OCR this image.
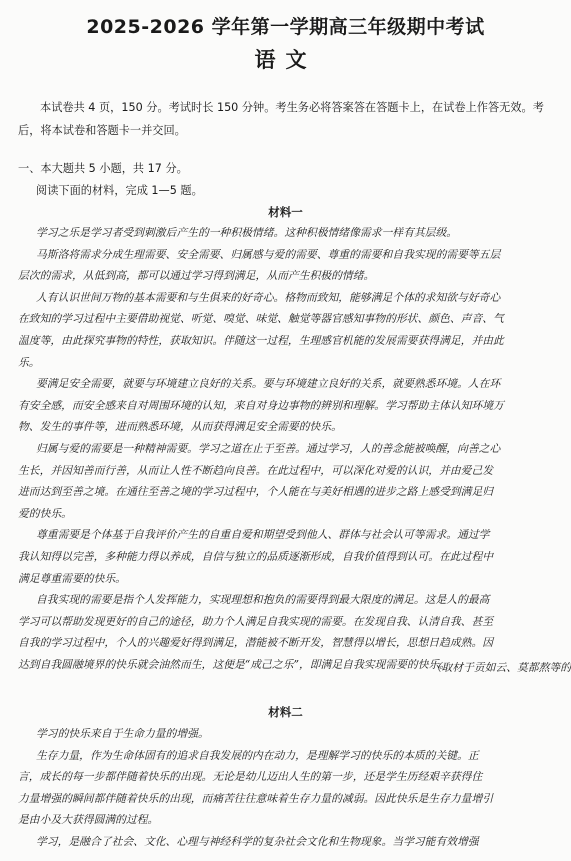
2025-2026 学年第一学期高三年级期中考试
语文

本试卷共 4 页，150 分。考试时长 150 分钟。考生务必将答案答在答题卡上，在试卷上作答无效。考
后，将本试卷和答题卡一并交回。

一、本大题共 5 小题，共 17 分。

阅读下面的材料，完成 1—5 题。

材料一

学习之乐是学习者受到刺激后产生的一种积极情绪。这种积极情绪像需求一样有其层级。
马斯洛将需求分成生理需要、安全需要、归属感与爱的需要、尊重的需要和自我实现的需要等五层
层次的需求，从低到高，都可以通过学习得到满足，从而产生积极的情绪。
人有认识世间万物的基本需要和与生俱来的好奇心。格物而致知，能够满足个体的求知欲与好奇心
在致知的学习过程中主要借助视觉、听觉、嗅觉、味觉、触觉等器官感知事物的形状、颜色、声音、气
温度等，由此探究事物的特性，获取知识。伴随这一过程，生理感官机能的发展需要获得满足，并由此
乐。
要满足安全需要，就要与环境建立良好的关系。要与环境建立良好的关系，就要熟悉环境。人在环
有安全感，而安全感来自对周围环境的认知，来自对身边事物的辨别和理解。学习帮助主体认知环境万
物、发生的事件等，进而熟悉环境，从而获得满足安全需要的快乐。
归属与爱的需要是一种精神需要。学习之道在止于至善。通过学习，人的善念能被唤醒，向善之心
生长，并因知善而行善，从而让人性不断趋向良善。在此过程中，可以深化对爱的认识，并由爱己发
进而达到至善之境。在通往至善之境的学习过程中，个人能在与美好相遇的进步之路上感受到满足归
爱的快乐。
尊重需要是个体基于自我评价产生的自重自爱和期望受到他人、群体与社会认可等需求。通过学
我认知得以完善，多种能力得以养成，自信与独立的品质逐渐形成，自我价值得到认可。在此过程中
满足尊重需要的快乐。
自我实现的需要是指个人发挥能力，实现理想和抱负的需要得到最大限度的满足。这是人的最高
学习可以帮助发现更好的自己的途径，助力个人满足自我实现的需要。在发现自我、认清自我、甚至
自我的学习过程中，个人的兴趣爱好得到满足，潜能被不断开发，智慧得以增长，思想日趋成熟。因
达到自我圆融境界的快乐就会油然而生，这便是“成己之乐”，即满足自我实现需要的快乐。

（取材于贡如云、莫都熬等的

材料二

学习的快乐来自于生命力量的增强。
生存力量，作为生命体固有的追求自我发展的内在动力，是理解学习的快乐的本质的关键。正
言，成长的每一步都伴随着快乐的出现。无论是幼儿迈出人生的第一步，还是学生历经艰辛获得住
力量增强的瞬间都伴随着快乐的出现，而痛苦往往意味着生存力量的减弱。因此快乐是生存力量增引
是由小及大获得圆满的过程。
学习，是融合了社会、文化、心理与神经科学的复杂社会文化和生物现象。当学习能有效增强
